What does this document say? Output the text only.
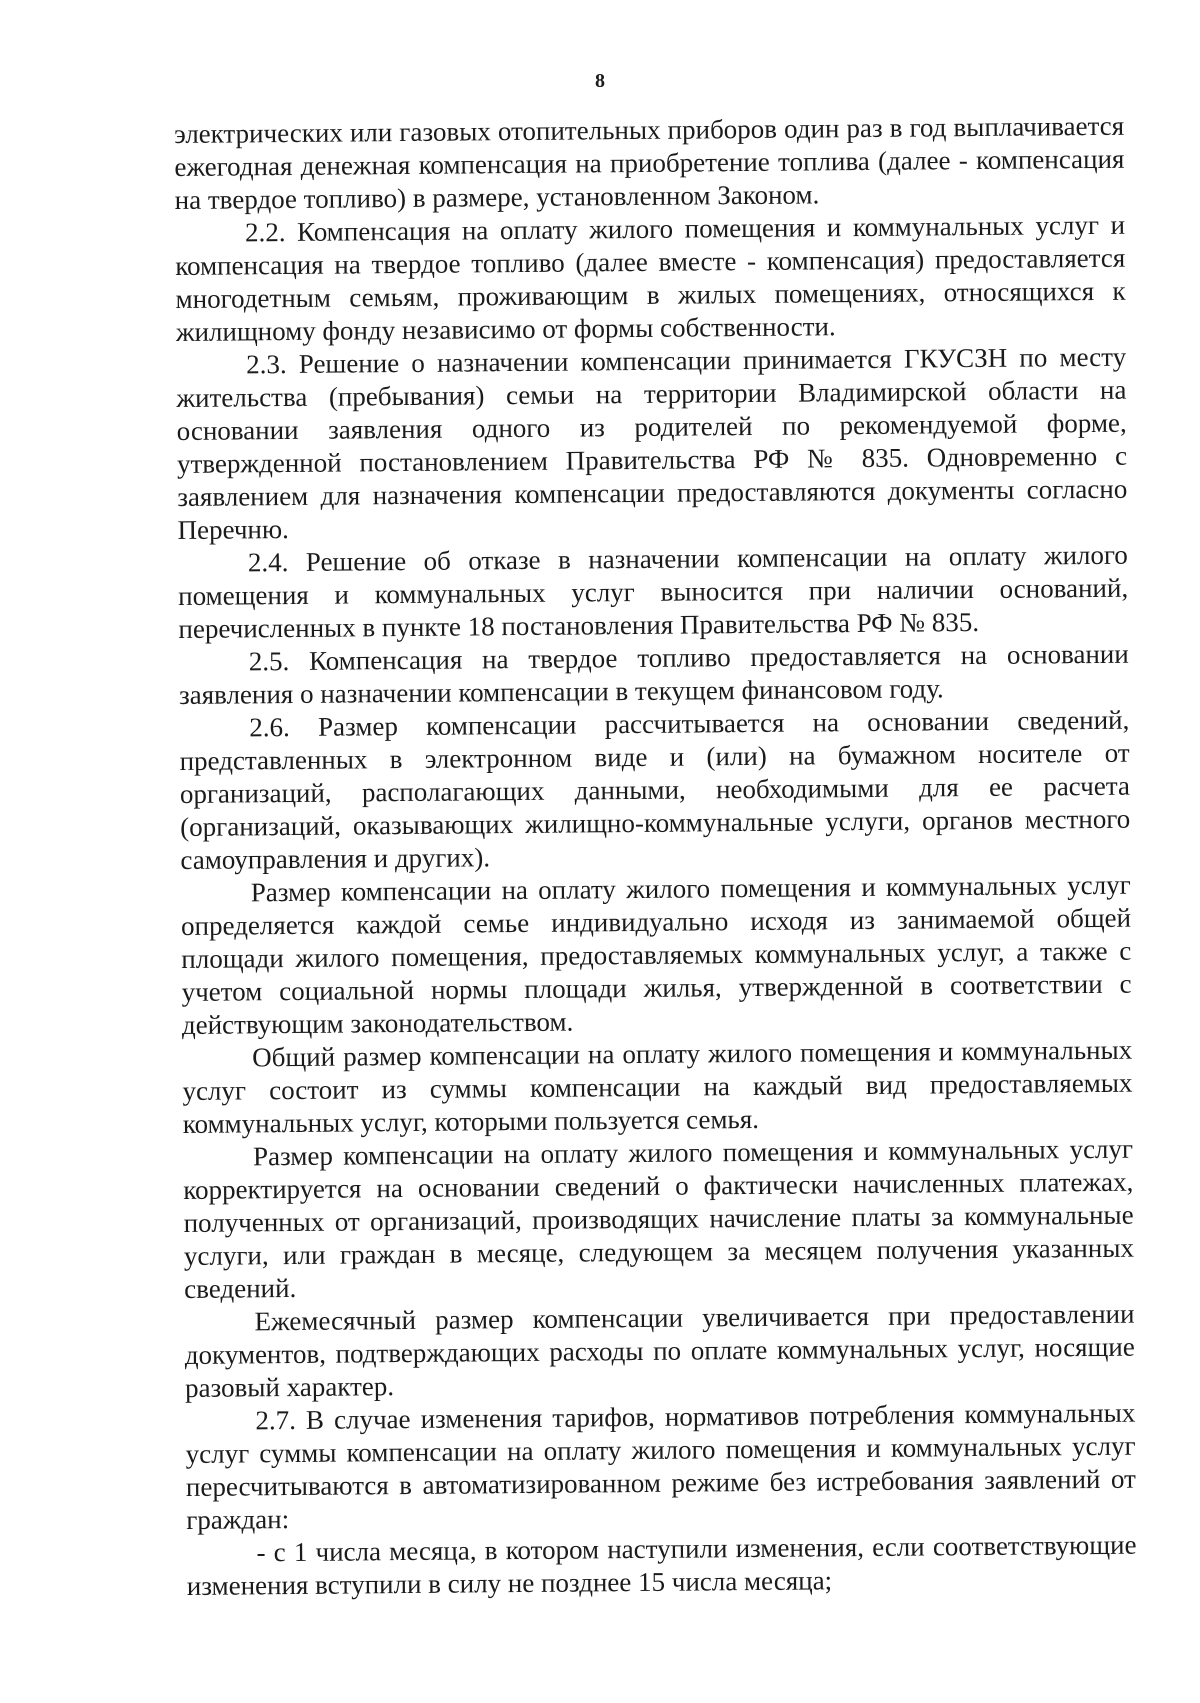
8

электрических или газовых отопительных приборов один раз в год выплачивается ежегодная денежная компенсация на приобретение топлива (далее - компенсация на твердое топливо) в размере, установленном Законом.

2.2. Компенсация на оплату жилого помещения и коммунальных услуг и компенсация на твердое топливо (далее вместе - компенсация) предоставляется многодетным семьям, проживающим в жилых помещениях, относящихся к жилищному фонду независимо от формы собственности.

2.3. Решение о назначении компенсации принимается ГКУСЗН по месту жительства (пребывания) семьи на территории Владимирской области на основании заявления одного из родителей по рекомендуемой форме, утвержденной постановлением Правительства РФ № 835. Одновременно с заявлением для назначения компенсации предоставляются документы согласно Перечню.

2.4. Решение об отказе в назначении компенсации на оплату жилого помещения и коммунальных услуг выносится при наличии оснований, перечисленных в пункте 18 постановления Правительства РФ № 835.

2.5. Компенсация на твердое топливо предоставляется на основании заявления о назначении компенсации в текущем финансовом году.

2.6. Размер компенсации рассчитывается на основании сведений, представленных в электронном виде и (или) на бумажном носителе от организаций, располагающих данными, необходимыми для ее расчета (организаций, оказывающих жилищно-коммунальные услуги, органов местного самоуправления и других).

Размер компенсации на оплату жилого помещения и коммунальных услуг определяется каждой семье индивидуально исходя из занимаемой общей площади жилого помещения, предоставляемых коммунальных услуг, а также с учетом социальной нормы площади жилья, утвержденной в соответствии с действующим законодательством.

Общий размер компенсации на оплату жилого помещения и коммунальных услуг состоит из суммы компенсации на каждый вид предоставляемых коммунальных услуг, которыми пользуется семья.

Размер компенсации на оплату жилого помещения и коммунальных услуг корректируется на основании сведений о фактически начисленных платежах, полученных от организаций, производящих начисление платы за коммунальные услуги, или граждан в месяце, следующем за месяцем получения указанных сведений.

Ежемесячный размер компенсации увеличивается при предоставлении документов, подтверждающих расходы по оплате коммунальных услуг, носящие разовый характер.

2.7. В случае изменения тарифов, нормативов потребления коммунальных услуг суммы компенсации на оплату жилого помещения и коммунальных услуг пересчитываются в автоматизированном режиме без истребования заявлений от граждан:

- с 1 числа месяца, в котором наступили изменения, если соответствующие изменения вступили в силу не позднее 15 числа месяца;
